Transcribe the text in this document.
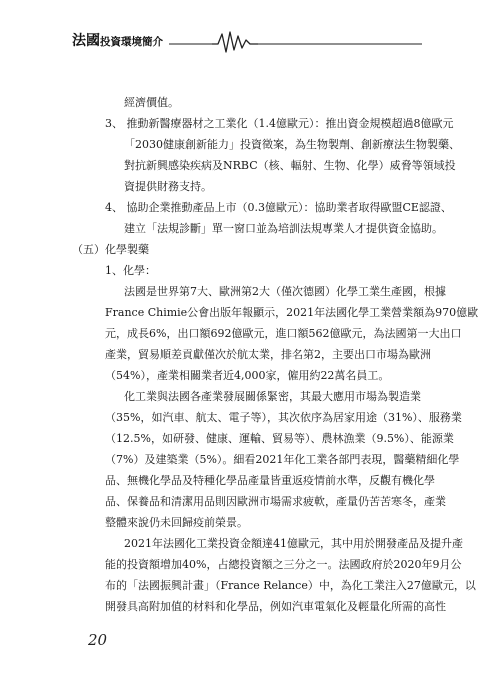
法國投資環境簡介
經濟價值。
3、 推動新醫療器材之工業化（1.4億歐元）：推出資金規模超過8億歐元
「2030健康創新能力」投資徵案，為生物製劑、創新療法生物製藥、
對抗新興感染疾病及NRBC（核、輻射、生物、化學）威脅等領域投
資提供財務支持。
4、 協助企業推動產品上市（0.3億歐元）：協助業者取得歐盟CE認證、
建立「法規診斷」單一窗口並為培訓法規專業人才提供資金協助。
（五）化學製藥
1、化學：
法國是世界第7大、歐洲第2大（僅次德國）化學工業生產國，根據
France Chimie公會出版年報顯示，2021年法國化學工業營業額為970億歐
元，成長6%，出口額692億歐元，進口額562億歐元，為法國第一大出口
產業，貿易順差貢獻僅次於航太業，排名第2，主要出口市場為歐洲
（54%），產業相關業者近4,000家，僱用約22萬名員工。
化工業與法國各產業發展關係緊密，其最大應用市場為製造業
（35%，如汽車、航太、電子等），其次依序為居家用途（31%）、服務業
（12.5%，如研發、健康、運輸、貿易等）、農林漁業（9.5%）、能源業
（7%）及建築業（5%）。細看2021年化工業各部門表現，醫藥精細化學
品、無機化學品及特種化學品產量皆重返疫情前水準，反觀有機化學
品、保養品和清潔用品則因歐洲市場需求疲軟，產量仍苦苦寒冬，產業
整體來說仍未回歸疫前榮景。
2021年法國化工業投資金額達41億歐元，其中用於開發產品及提升產
能的投資額增加40%，占總投資額之三分之一。法國政府於2020年9月公
布的「法國振興計畫」（France Relance）中，為化工業注入27億歐元，以
開發具高附加值的材料和化學品，例如汽車電氣化及輕量化所需的高性
20
